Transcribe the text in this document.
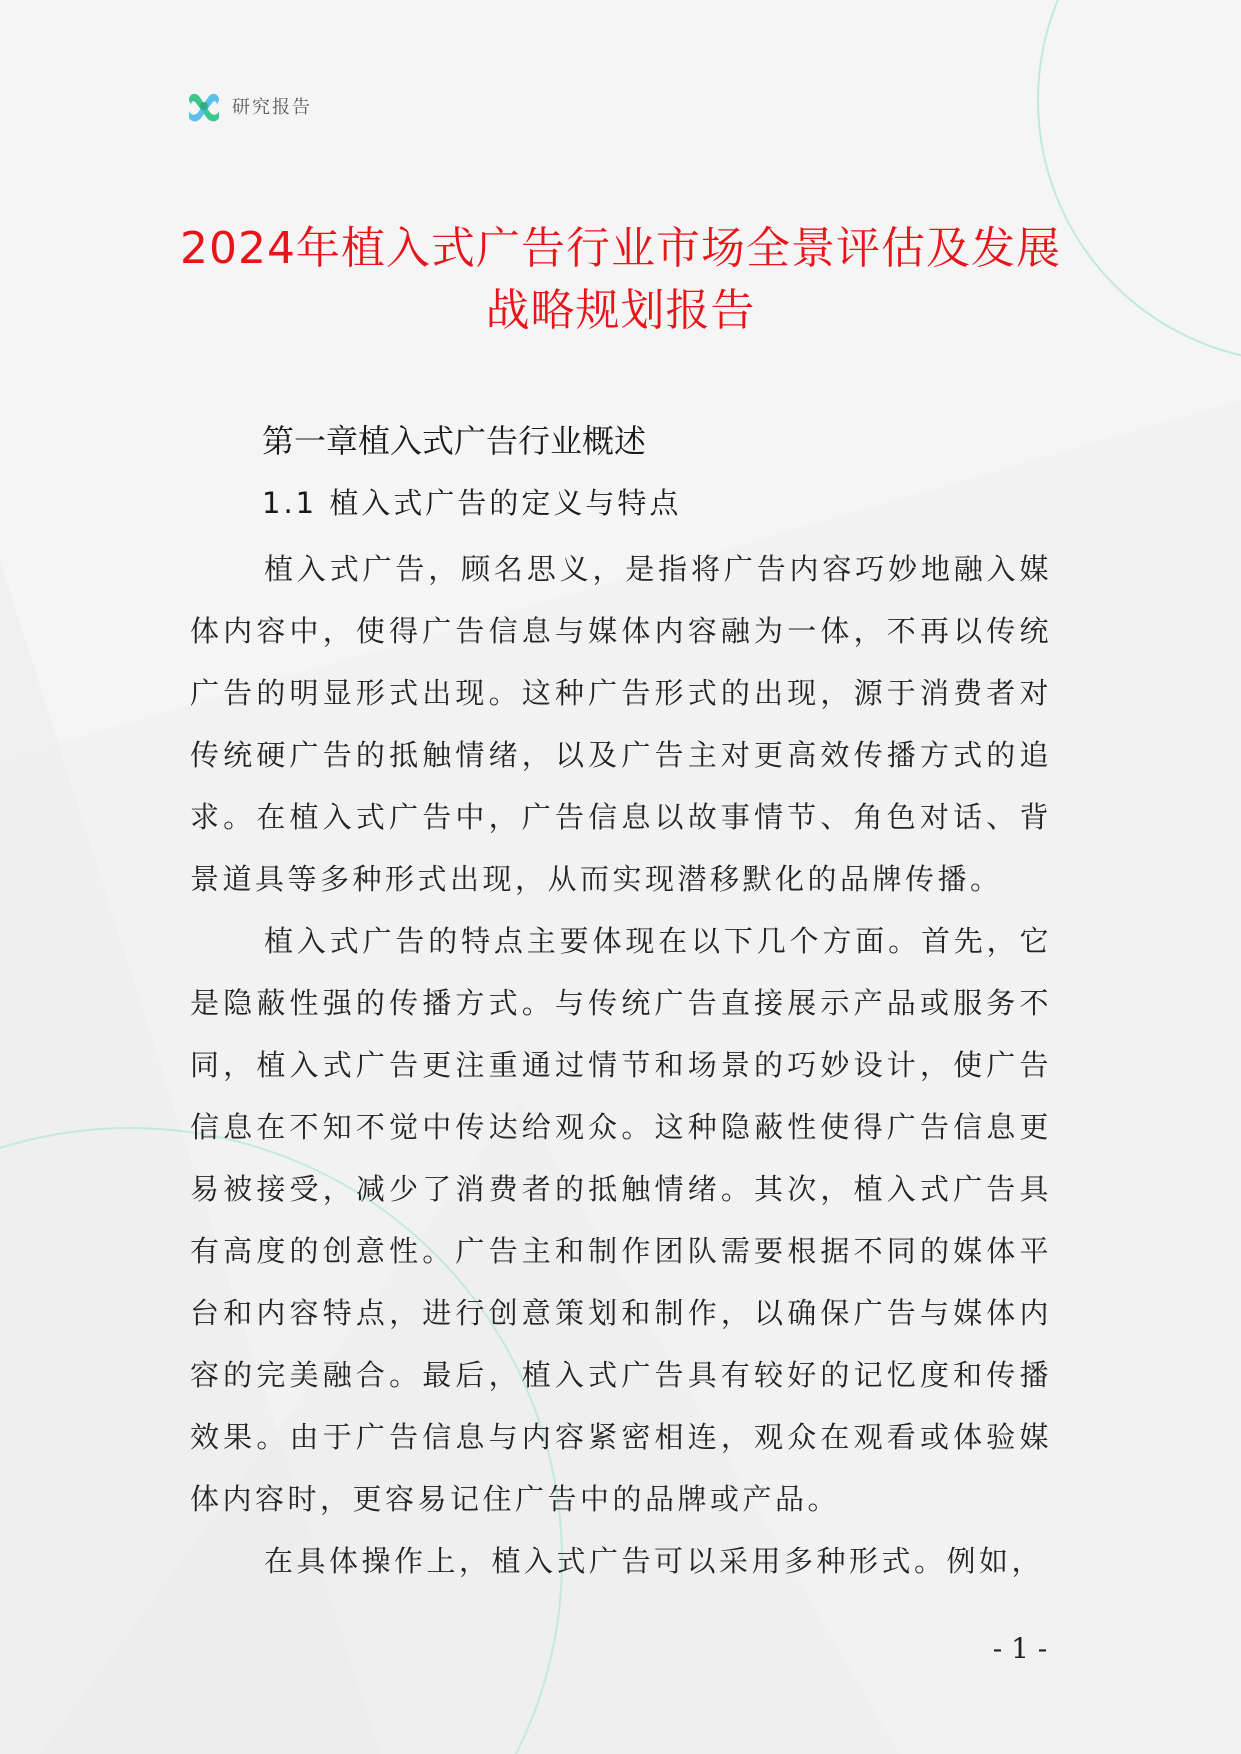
研究报告
2024年植入式广告行业市场全景评估及发展战略规划报告
第一章植入式广告行业概述
1.1 植入式广告的定义与特点

植入式广告，顾名思义，是指将广告内容巧妙地融入媒体内容中，使得广告信息与媒体内容融为一体，不再以传统广告的明显形式出现。这种广告形式的出现，源于消费者对传统硬广告的抵触情绪，以及广告主对更高效传播方式的追求。在植入式广告中，广告信息以故事情节、角色对话、背景道具等多种形式出现，从而实现潜移默化的品牌传播。

植入式广告的特点主要体现在以下几个方面。首先，它是隐蔽性强的传播方式。与传统广告直接展示产品或服务不同，植入式广告更注重通过情节和场景的巧妙设计，使广告信息在不知不觉中传达给观众。这种隐蔽性使得广告信息更易被接受，减少了消费者的抵触情绪。其次，植入式广告具有高度的创意性。广告主和制作团队需要根据不同的媒体平台和内容特点，进行创意策划和制作，以确保广告与媒体内容的完美融合。最后，植入式广告具有较好的记忆度和传播效果。由于广告信息与内容紧密相连，观众在观看或体验媒体内容时，更容易记住广告中的品牌或产品。

在具体操作上，植入式广告可以采用多种形式。例如，

- 1 -
